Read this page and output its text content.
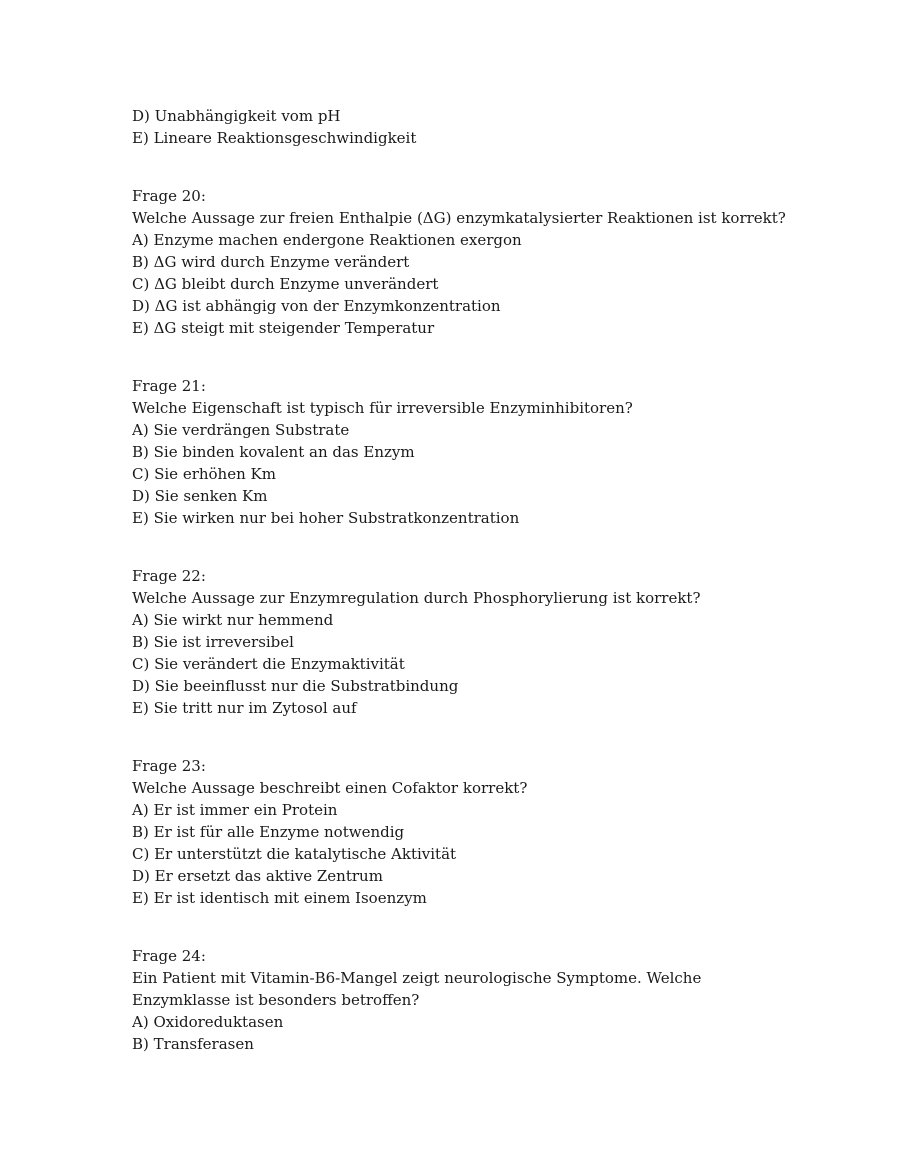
D) Unabhängigkeit vom pH
E) Lineare Reaktionsgeschwindigkeit
Frage 20:
Welche Aussage zur freien Enthalpie (ΔG) enzymkatalysierter Reaktionen ist korrekt?
A) Enzyme machen endergone Reaktionen exergon
B) ΔG wird durch Enzyme verändert
C) ΔG bleibt durch Enzyme unverändert
D) ΔG ist abhängig von der Enzymkonzentration
E) ΔG steigt mit steigender Temperatur
Frage 21:
Welche Eigenschaft ist typisch für irreversible Enzyminhibitoren?
A) Sie verdrängen Substrate
B) Sie binden kovalent an das Enzym
C) Sie erhöhen Km
D) Sie senken Km
E) Sie wirken nur bei hoher Substratkonzentration
Frage 22:
Welche Aussage zur Enzymregulation durch Phosphorylierung ist korrekt?
A) Sie wirkt nur hemmend
B) Sie ist irreversibel
C) Sie verändert die Enzymaktivität
D) Sie beeinflusst nur die Substratbindung
E) Sie tritt nur im Zytosol auf
Frage 23:
Welche Aussage beschreibt einen Cofaktor korrekt?
A) Er ist immer ein Protein
B) Er ist für alle Enzyme notwendig
C) Er unterstützt die katalytische Aktivität
D) Er ersetzt das aktive Zentrum
E) Er ist identisch mit einem Isoenzym
Frage 24:
Ein Patient mit Vitamin-B6-Mangel zeigt neurologische Symptome. Welche Enzymklasse ist besonders betroffen?
A) Oxidoreduktasen
B) Transferasen
